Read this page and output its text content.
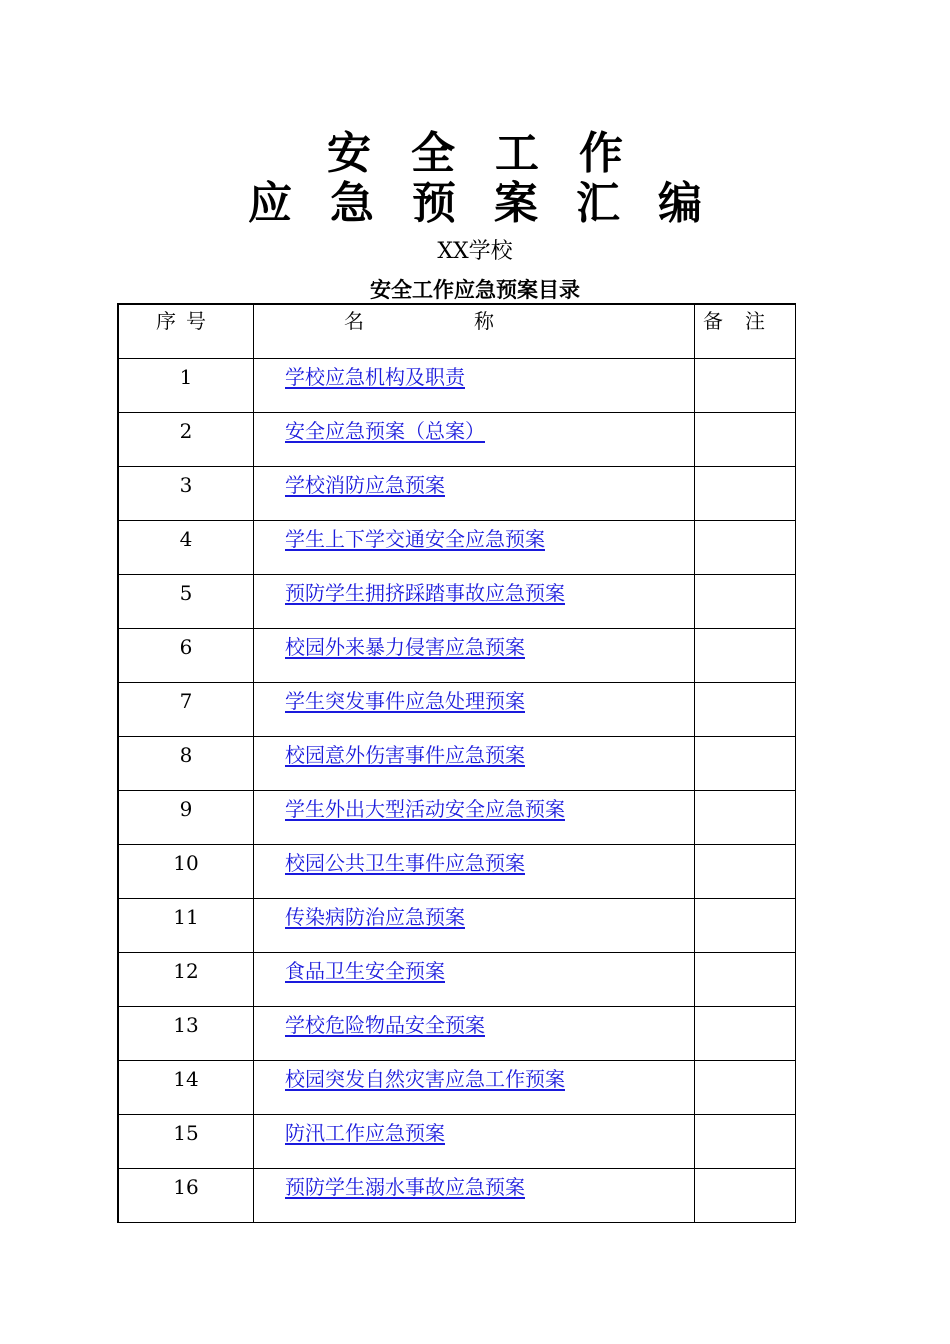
安全工作
应急预案汇编
XX学校
安全工作应急预案目录
序号	名称	备注

1	学校应急机构及职责	

2	安全应急预案（总案）	

3	学校消防应急预案	

4	学生上下学交通安全应急预案	

5	预防学生拥挤踩踏事故应急预案	

6	校园外来暴力侵害应急预案	

7	学生突发事件应急处理预案	

8	校园意外伤害事件应急预案	

9	学生外出大型活动安全应急预案	

10	校园公共卫生事件应急预案	

11	传染病防治应急预案	

12	食品卫生安全预案	

13	学校危险物品安全预案	

14	校园突发自然灾害应急工作预案	

15	防汛工作应急预案	

16	预防学生溺水事故应急预案	
